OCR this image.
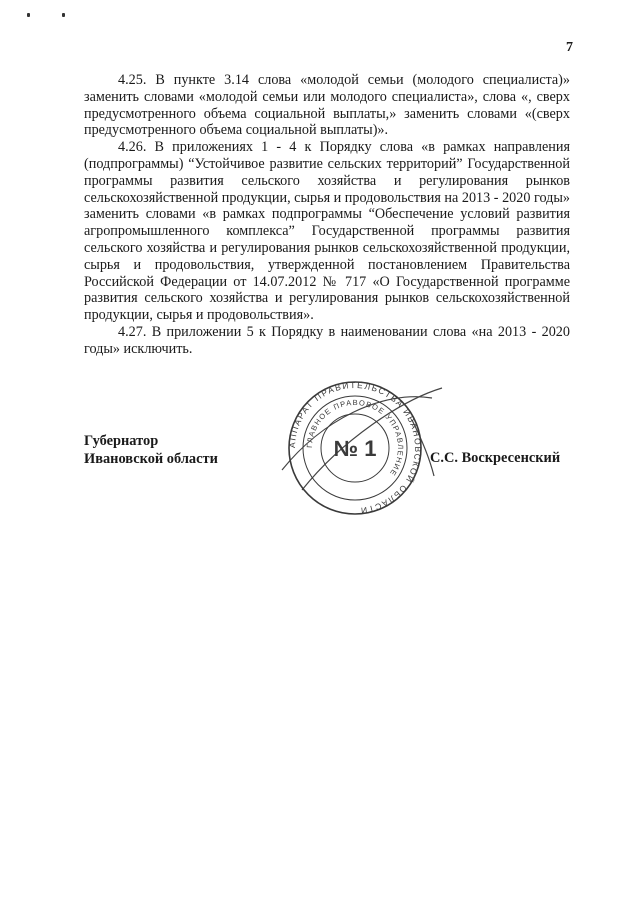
7

4.25. В пункте 3.14 слова «молодой семьи (молодого специалиста)» заменить словами «молодой семьи или молодого специалиста», слова «, сверх предусмотренного объема социальной выплаты,» заменить словами «(сверх предусмотренного объема социальной выплаты)».

4.26. В приложениях 1 - 4 к Порядку слова «в рамках направления (подпрограммы) “Устойчивое развитие сельских территорий” Государственной программы развития сельского хозяйства и регулирования рынков сельскохозяйственной продукции, сырья и продовольствия на 2013 - 2020 годы» заменить словами «в рамках подпрограммы “Обеспечение условий развития агропромышленного комплекса” Государственной программы развития сельского хозяйства и регулирования рынков сельскохозяйственной продукции, сырья и продовольствия, утвержденной постановлением Правительства Российской Федерации от 14.07.2012 № 717 «О Государственной программе развития сельского хозяйства и регулирования рынков сельскохозяйственной продукции, сырья и продовольствия».

4.27. В приложении 5 к Порядку в наименовании слова «на 2013 - 2020 годы» исключить.

АППАРАТ ПРАВИТЕЛЬСТВА ИВАНОВСКОЙ ОБЛАСТИ
ГЛАВНОЕ ПРАВОВОЕ УПРАВЛЕНИЕ
№ 1
Губернатор
Ивановской области	С.С. Воскресенский
